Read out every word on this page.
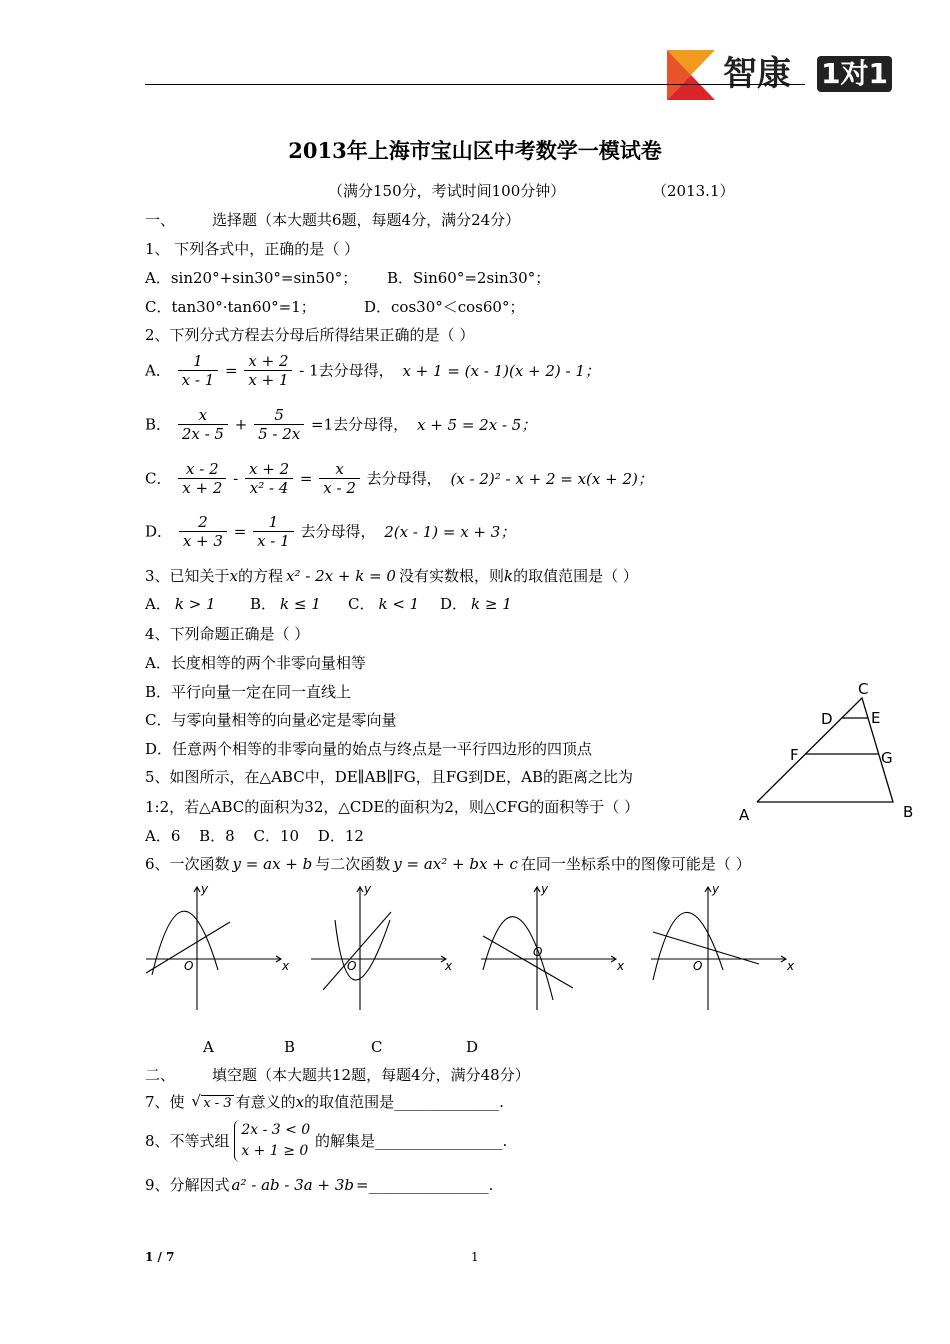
智康 1对1
2013年上海市宝山区中考数学一模试卷
（满分150分，考试时间100分钟）	（2013.1）
一、 选择题（本大题共6题，每题4分，满分24分）
1、 下列各式中，正确的是（ ）
A．sin20°+sin30°=sin50°； B．Sin60°=2sin30°；
C．tan30°·tan60°=1；	D．cos30°＜cos60°；
2、下列分式方程去分母后所得结果正确的是（ ）
A． $\frac{1}{x - 1} = \frac{x + 2}{x + 1} - 1$去分母得， x + 1 = (x - 1)(x + 2) - 1；
B． $\frac{x}{2x - 5} + \frac{5}{5 - 2x} =1$去分母得， x + 5 = 2x - 5；
C． $\frac{x - 2}{x + 2} - \frac{x + 2}{\text{x² - 4}} = \frac{x}{x - 2}$ 去分母得， (x - 2)² - x + 2 = x(x + 2)；
D． $\frac{2}{x + 3} = \frac{1}{x - 1}$ 去分母得， 2(x - 1) = x + 3；
3、已知关于x的方程 x² - 2x + k = 0 没有实数根，则k的取值范围是（ ）
A． k > 1 B． k ≤ 1 C． k < 1 D． k ≥ 1
4、下列命题正确是（ ）
A．长度相等的两个非零向量相等
B．平行向量一定在同一直线上
C．与零向量相等的向量必定是零向量
D．任意两个相等的非零向量的始点与终点是一平行四边形的四顶点
5、如图所示，在△ABC中，DE∥AB∥FG，且FG到DE，AB的距离之比为
1:2，若△ABC的面积为32，△CDE的面积为2，则△CFG的面积等于（ ）
A．6 B．8 C．10 D．12
C
D	E
F	G
A	B
6、一次函数 y = ax + b 与二次函数 y = ax² + bx + c 在同一坐标系中的图像可能是（ ）
x
y
O	x
y
O	x
y
O
x
y
O
A	B	C	D
二、 填空题（本大题共12题，每题4分，满分48分）
7、使 √ x - 3 有意义的x的取值范围是______________.
8、不等式组
2x - 3 < 0
x + 1 ≥ 0
的解集是_________________.
9、分解因式 a² - ab - 3a + 3b =________________.
1 / 7	1
